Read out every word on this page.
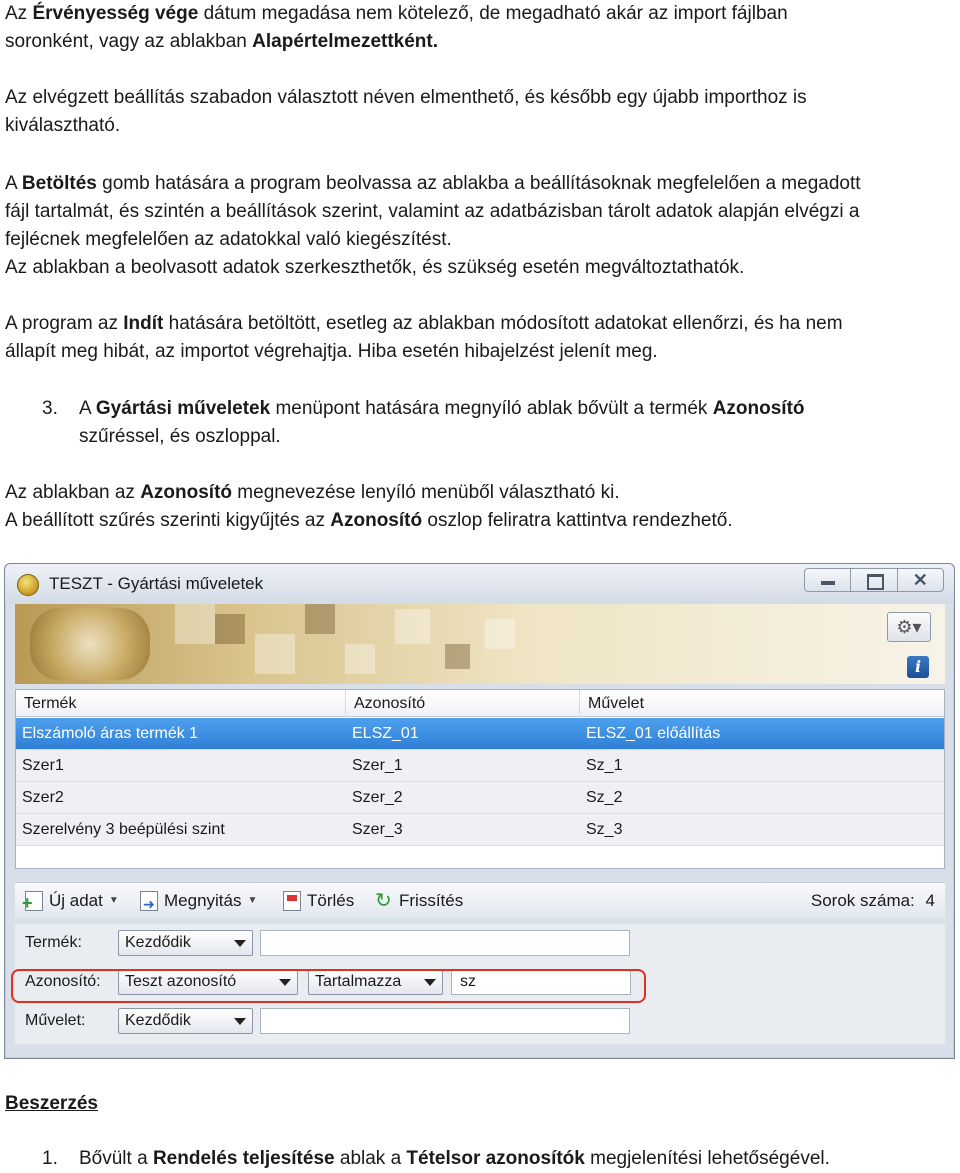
Az Érvényesség vége dátum megadása nem kötelező, de megadható akár az import fájlban
soronként, vagy az ablakban Alapértelmezettként.
Az elvégzett beállítás szabadon választott néven elmenthető, és később egy újabb importhoz is
kiválasztható.
A Betöltés gomb hatására a program beolvassa az ablakba a beállításoknak megfelelően a megadott
fájl tartalmát, és szintén a beállítások szerint, valamint az adatbázisban tárolt adatok alapján elvégzi a
fejlécnek megfelelően az adatokkal való kiegészítést.
Az ablakban a beolvasott adatok szerkeszthetők, és szükség esetén megváltoztathatók.
A program az Indít hatására betöltött, esetleg az ablakban módosított adatokat ellenőrzi, és ha nem
állapít meg hibát, az importot végrehajtja. Hiba esetén hibajelzést jelenít meg.
3. A Gyártási műveletek menüpont hatására megnyíló ablak bővült a termék Azonosító
szűréssel, és oszloppal.
Az ablakban az Azonosító megnevezése lenyíló menüből választható ki.
A beállított szűrés szerinti kigyűjtés az Azonosító oszlop feliratra kattintva rendezhető.
TESZT - Gyártási műveletek	✕
⚙▾
i
Termék	Azonosító	Művelet
Elszámoló áras termék 1	ELSZ_01	ELSZ_01 előállítás
Szer1	Szer_1	Sz_1
Szer2	Szer_2	Sz_2
Szerelvény 3 beépülési szint	Szer_3	Sz_3
+
Új adat ▼
➜	Megnyitás ▼	Törlés ↻ Frissítés	Sorok száma: 4
Termék:	Kezdődik
Azonosító:	Teszt azonosító	Tartalmazza	sz
Művelet:	Kezdődik
Beszerzés
1. Bővült a Rendelés teljesítése ablak a Tételsor azonosítók megjelenítési lehetőségével.
